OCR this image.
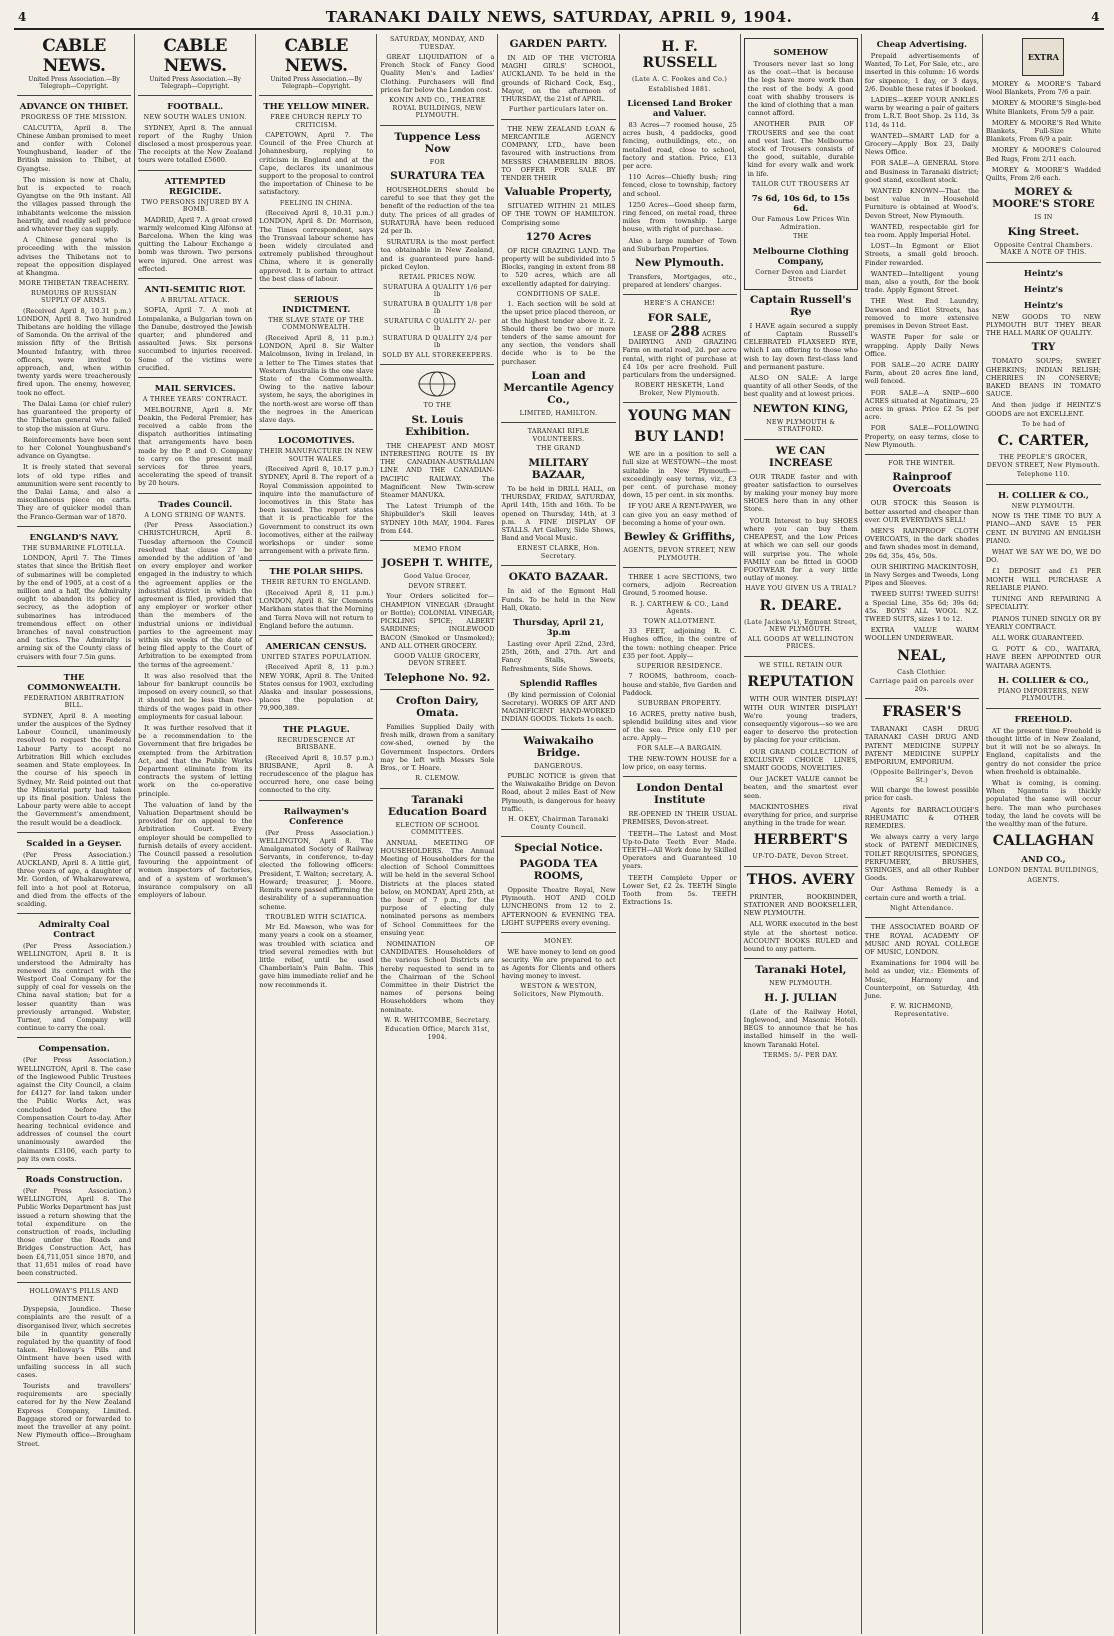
4	TARANAKI DAILY NEWS, SATURDAY, APRIL 9, 1904.	4
CABLE NEWS.
United Press Association.—By Telegraph—Copyright.
ADVANCE ON THIBET.
PROGRESS OF THE MISSION.

CALCUTTA, April 8. The Chinese Amban promised to meet and confer with Colonel Younghusband, leader of the British mission to Thibet, at Gyangtse.

The mission is now at Chalu, but is expected to reach Gyangtse on the 9th instant. All the villages passed through the inhabitants welcome the mission heartily, and readily sell produce and whatever they can supply.

A Chinese general who is proceeding with the mission advises the Thibetans not to repeat the opposition displayed at Khangma.

MORE THIBETAN TREACHERY.
RUMOURS OF RUSSIAN SUPPLY OF ARMS.

(Received April 8, 10.31 p.m.) LONDON, April 8. Two hundred Thibetans are holding the village of Samonda. On the arrival of the mission fifty of the British Mounted Infantry, with three officers, were invited to approach, and, when within twenty yards were treacherously fired upon. The enemy, however, took no effect.

The Dalai Lama (or chief ruler) has guaranteed the property of the Thibetan general who failed to stop the mission at Guru.

Reinforcements have been sent to her Colonel Younghusband's advance on Gyangtse.

It is freely stated that several lots of old type rifles and ammunition were sent recently to the Dalai Lama, and also a miscellaneous piece on carts. They are of quicker model than the Franco-German war of 1870.

ENGLAND'S NAVY.
THE SUBMARINE FLOTILLA.

LONDON, April 7. The Times states that since the British fleet of submarines will be completed by the end of 1905, at a cost of a million and a half, the Admiralty ought to abandon its policy of secrecy, as the adoption of submarines has introduced tremendous effect on other branches of naval construction and tactics. The Admiralty is arming six of the County class of cruisers with four 7.5in guns.

THE COMMONWEALTH.
FEDERATION ARBITRATION BILL.

SYDNEY, April 8. A meeting under the auspices of the Sydney Labour Council, unanimously resolved to request the Federal Labour Party to accept no Arbitration Bill which excludes seamen and State employees. In the course of his speech in Sydney, Mr. Reid pointed out that the Ministerial party had taken up its final position. Unless the Labour party were able to accept the Government's amendment, the result would be a deadlock.

Scalded in a Geyser.

(Per Press Association.) AUCKLAND, April 8. A little girl, three years of age, a daughter of Mr. Gordon, of Whakarewarewa, fell into a hot pool at Rotorua, and died from the effects of the scalding.

Admiralty Coal Contract

(Per Press Association.) WELLINGTON, April 8. It is understood the Admiralty has renewed its contract with the Westport Coal Company for the supply of coal for vessels on the China naval station; but for a lesser quantity than was previously arranged. Webster, Turner, and Company will continue to carry the coal.

Compensation.

(Per Press Association.) WELLINGTON, April 8. The case of the Inglewood Public Trustees against the City Council, a claim for £4127 for land taken under the Public Works Act, was concluded before the Compensation Court to-day. After hearing technical evidence and addresses of counsel the court unanimously awarded the claimants £3106, each party to pay its own costs.

Roads Construction.

(Per Press Association.) WELLINGTON, April 8. The Public Works Department has just issued a return showing that the total expenditure on the construction of roads, including those under the Roads and Bridges Construction Act, has been £4,711,051 since 1870, and that 11,651 miles of road have been constructed.

HOLLOWAY'S PILLS AND OINTMENT.

Dyspepsia, Jaundice. These complaints are the result of a disorganised liver, which secretes bile in quantity generally regulated by the quantity of food taken. Holloway's Pills and Ointment have been used with unfailing success in all such cases.

Tourists and travellers' requirements are specially catered for by the New Zealand Express Company, Limited. Baggage stored or forwarded to meet the traveller at any point. New Plymouth office—Brougham Street.

CABLE NEWS.
United Press Association.—By Telegraph—Copyright.
FOOTBALL.
NEW SOUTH WALES UNION.

SYDNEY, April 8. The annual report of the Rugby Union disclosed a most prosperous year. The receipts at the New Zealand tours were totalled £5600.

ATTEMPTED REGICIDE.
TWO PERSONS INJURED BY A BOMB.

MADRID, April 7. A great crowd warmly welcomed King Alfonso at Barcelona. When the king was quitting the Labour Exchange a bomb was thrown. Two persons were injured. One arrest was effected.

ANTI-SEMITIC RIOT.
A BRUTAL ATTACK.

SOFIA, April 7. A mob at Lompalanka, a Bulgarian town on the Danube, destroyed the Jewish quarter, and plundered and assaulted Jews. Six persons succumbed to injuries received. Some of the victims were crucified.

MAIL SERVICES.
A THREE YEARS' CONTRACT.

MELBOURNE, April 8. Mr Deakin, the Federal Premier, has received a cable from the dispatch authorities intimating that arrangements have been made by the P. and O. Company to carry on the present mail services for three years, accelerating the speed of transit by 20 hours.

Trades Council.
A LONG STRING OF WANTS.

(Per Press Association.) CHRISTCHURCH, April 8. Tuesday afternoon the Council resolved that clause 27 be amended by the addition of 'and on every employer and worker engaged in the industry to which the agreement applies or the industrial district in which the agreement is filed, provided that any employer or worker other than the members of the industrial unions or individual parties to the agreement may within six weeks of the date of being filed apply to the Court of Arbitration to be exempted from the terms of the agreement.'

It was also resolved that the labour for bankrupt councils be imposed on every council, so that it should not be less than two-thirds of the wages paid in other employments for casual labour.

It was further resolved that it be a recommendation to the Government that fire brigades be exempted from the Arbitration Act, and that the Public Works Department eliminate from its contracts the system of letting work on the co-operative principle.

The valuation of land by the Valuation Department should be provided for on appeal to the Arbitration Court. Every employer should be compelled to furnish details of every accident. The Council passed a resolution favouring the appointment of women inspectors of factories, and of a system of workmen's insurance compulsory on all employers of labour.

CABLE NEWS.
United Press Association.—By Telegraph—Copyright.
THE YELLOW MINER.
FREE CHURCH REPLY TO CRITICISM.

CAPETOWN, April 7. The Council of the Free Church at Johannesburg, replying to criticism in England and at the Cape, declares its unanimous support to the proposal to control the importation of Chinese to be satisfactory.

FEELING IN CHINA.

(Received April 8, 10.31 p.m.) LONDON, April 8. Dr. Morrison, The Times correspondent, says the Transvaal labour scheme has been widely circulated and extremely published throughout China, where it is generally approved. It is certain to attract the best class of labour.

SERIOUS INDICTMENT.
THE SLAVE STATE OF THE COMMONWEALTH.

(Received April 8, 11 p.m.) LONDON, April 8. Sir Walter Malcolmson, living in Ireland, in a letter to The Times states that Western Australia is the one slave State of the Commonwealth. Owing to the native labour system, he says, the aborigines in the north-west are worse off than the negroes in the American slave days.

LOCOMOTIVES.
THEIR MANUFACTURE IN NEW SOUTH WALES.

(Received April 8, 10.17 p.m.) SYDNEY, April 8. The report of a Royal Commission appointed to inquire into the manufacture of locomotives in this State has been issued. The report states that it is practicable for the Government to construct its own locomotives, either at the railway workshops or under some arrangement with a private firm.

THE POLAR SHIPS.
THEIR RETURN TO ENGLAND.

(Received April 8, 11 p.m.) LONDON, April 8. Sir Clements Markham states that the Morning and Terra Nova will not return to England before the autumn.

AMERICAN CENSUS.
UNITED STATES POPULATION.

(Received April 8, 11 p.m.) NEW YORK, April 8. The United States census for 1903, excluding Alaska and insular possessions, places the population at 79,900,389.

THE PLAGUE.
RECRUDESCENCE AT BRISBANE.

(Received April 8, 10.57 p.m.) BRISBANE, April 8. A recrudescence of the plague has occurred here, one case being connected to the city.

Railwaymen's Conference

(Per Press Association.) WELLINGTON, April 8. The Amalgamated Society of Railway Servants, in conference, to-day elected the following officers: President, T. Walton; secretary, A. Howard; treasurer, J. Moore. Remits were passed affirming the desirability of a superannuation scheme.

TROUBLED WITH SCIATICA.

Mr Ed. Mawson, who was for many years a cook on a steamer, was troubled with sciatica and tried several remedies with but little relief, until he used Chamberlain's Pain Balm. This gave him immediate relief and he now recommends it.

SATURDAY, MONDAY, AND TUESDAY.

GREAT LIQUIDATION of a French Stock of Fancy Good Quality Men's and Ladies' Clothing. Purchasers will find prices far below the London cost.

KONIN AND CO., THEATRE ROYAL BUILDINGS, NEW PLYMOUTH.
Tuppence Less Now
FOR
SURATURA TEA

HOUSEHOLDERS should be careful to see that they get the benefit of the reduction of the tea duty. The prices of all grades of SURATURA have been reduced 2d per lb.

SURATURA is the most perfect tea obtainable in New Zealand, and is guaranteed pure hand-picked Ceylon.

RETAIL PRICES NOW.
SURATURA A QUALITY 1/6 per lb
SURATURA B QUALITY 1/8 per lb
SURATURA C QUALITY 2/- per lb
SURATURA D QUALITY 2/4 per lb
SOLD BY ALL STOREKEEPERS.
TO THE
St. Louis Exhibition.

THE CHEAPEST AND MOST INTERESTING ROUTE IS BY THE CANADIAN-AUSTRALIAN LINE AND THE CANADIAN-PACIFIC RAILWAY. The Magnificent New Twin-screw Steamer MANUKA.

The Latest Triumph of the Shipbuilder's Skill leaves SYDNEY 10th MAY, 1904. Fares from £44.

MEMO FROM
JOSEPH T. WHITE,
Good Value Grocer,
DEVON STREET.

Your Orders solicited for— CHAMPION VINEGAR (Draught or Bottle); COLONIAL VINEGAR; PICKLING SPICE; ALBERT SARDINES; INGLEWOOD BACON (Smoked or Unsmoked); AND ALL OTHER GROCERY.

GOOD VALUE GROCERY, DEVON STREET.
Telephone No. 92.
Crofton Dairy, Omata.

Families Supplied Daily with fresh milk, drawn from a sanitary cow-shed, owned by the Government Inspectors. Orders may be left with Messrs Sole Bros., or T. Hoare.

R. CLEMOW.
Taranaki Education Board
ELECTION OF SCHOOL COMMITTEES.

ANNUAL MEETING OF HOUSEHOLDERS. The Annual Meeting of Householders for the election of School Committees will be held in the several School Districts at the places stated below, on MONDAY, April 25th, at the hour of 7 p.m., for the purpose of electing duly nominated persons as members of School Committees for the ensuing year.

NOMINATION OF CANDIDATES. Householders of the various School Districts are hereby requested to send in to the Chairman of the School Committee in their District the names of persons being Householders whom they nominate.

W. R. WHITCOMBE, Secretary.
Education Office, March 31st, 1904.
GARDEN PARTY.

IN AID OF THE VICTORIA MAGHI GIRLS' SCHOOL, AUCKLAND. To be held in the grounds of Richard Cock, Esq., Mayor, on the afternoon of THURSDAY, the 21st of APRIL.

Further particulars later on.

THE NEW ZEALAND LOAN & MERCANTILE AGENCY COMPANY, LTD., have been favoured with instructions from MESSRS CHAMBERLIN BROS. TO OFFER FOR SALE BY TENDER THEIR

Valuable Property,

SITUATED WITHIN 21 MILES OF THE TOWN OF HAMILTON. Comprising some

1270 Acres

OF RICH GRAZING LAND. The property will be subdivided into 5 Blocks, ranging in extent from 88 to 520 acres, which are all excellently adapted for dairying.

CONDITIONS OF SALE.

1. Each section will be sold at the upset price placed thereon, or at the highest tender above it. 2. Should there be two or more tenders of the same amount for any section, the vendors shall decide who is to be the purchaser.

Loan and Mercantile Agency Co.,
LIMITED, HAMILTON.
TARANAKI RIFLE VOLUNTEERS.
THE GRAND
MILITARY BAZAAR,

To be held in DRILL HALL, on THURSDAY, FRIDAY, SATURDAY, April 14th, 15th and 16th. To be opened on Thursday, 14th, at 3 p.m. A FINE DISPLAY OF STALLS. Art Gallery, Side Shows, Band and Vocal Music.

ERNEST CLARKE, Hon. Secretary.
OKATO BAZAAR.

In aid of the Egmont Hall Funds. To be held in the New Hall, Okato.

Thursday, April 21, 3p.m

Lasting over April 22nd, 23rd, 25th, 26th, and 27th. Art and Fancy Stalls, Sweets, Refreshments, Side Shows.

Splendid Raffles

(By kind permission of Colonial Secretary). WORKS OF ART AND MAGNIFICENT HAND-WORKED INDIAN GOODS. Tickets 1s each.

Waiwakaiho Bridge.
DANGEROUS.

PUBLIC NOTICE is given that the Waiwakaiho Bridge on Devon Road, about 2 miles East of New Plymouth, is dangerous for heavy traffic.

H. OKEY, Chairman Taranaki County Council.
Special Notice.
PAGODA TEA ROOMS,

Opposite Theatre Royal, New Plymouth. HOT AND COLD LUNCHEONS from 12 to 2. AFTERNOON & EVENING TEA. LIGHT SUPPERS every evening.

MONEY.

WE have money to lend on good security. We are prepared to act as Agents for Clients and others having money to invest.

WESTON & WESTON, Solicitors, New Plymouth.
H. F. RUSSELL
(Late A. C. Fookes and Co.)
Established 1881.
Licensed Land Broker and Valuer.

83 Acres—7 roomed house, 25 acres bush, 4 paddocks, good fencing, outbuildings, etc., on metalled road, close to school, factory and station. Price, £13 per acre.

110 Acres—Chiefly bush; ring fenced, close to township, factory and school.

1250 Acres—Good sheep farm, ring fenced, on metal road, three miles from township. Large house, with right of purchase.

Also a large number of Town and Suburban Properties.

New Plymouth.

Transfers, Mortgages, etc., prepared at lenders' charges.

HERE'S A CHANCE!
FOR SALE,
LEASE OF 288 ACRES

DAIRYING AND GRAZING Farm on metal road, 2d. per acre rental, with right of purchase at £4 10s per acre freehold. Full particulars from the undersigned.

ROBERT HESKETH, Land Broker, New Plymouth.
YOUNG MAN
BUY LAND!

WE are in a position to sell a full size at WESTOWN—the most suitable in New Plymouth—exceedingly easy terms, viz., £3 per cent. of purchase money down, 15 per cent. in six months.

IF YOU ARE A RENT-PAYER, we can give you an easy method of becoming a home of your own.

Bewley & Griffiths,
AGENTS, DEVON STREET, NEW PLYMOUTH.

THREE 1 acre SECTIONS, two corners, adjoin Recreation Ground, 5 roomed house.

R. J. CARTHEW & CO., Land Agents.
TOWN ALLOTMENT.

33 FEET, adjoining R. C. Hughes office, in the centre of the town: nothing cheaper. Price £35 per foot. Apply—

SUPERIOR RESIDENCE.

7 ROOMS, bathroom, coach-house and stable, five Garden and Paddock.

SUBURBAN PROPERTY.

16 ACRES, pretty native bush, splendid building sites and view of the sea. Price only £10 per acre. Apply—

FOR SALE—A BARGAIN.

THE NEW-TOWN HOUSE for a low price, on easy terms.

London Dental Institute

RE-OPENED IN THEIR USUAL PREMISES, Devon-street.

TEETH—The Latest and Most Up-to-Date Teeth Ever Made. TEETH—All Work done by Skilled Operators and Guaranteed 10 years.

TEETH Complete Upper or Lower Set, £2 2s. TEETH Single Tooth from 5s. TEETH Extractions 1s.

SOMEHOW

Trousers never last so long as the coat—that is because the legs have more work than the rest of the body. A good coat with shabby trousers is the kind of clothing that a man cannot afford.

ANOTHER PAIR OF TROUSERS and see the coat and vest last. The Melbourne stock of Trousers consists of the good, suitable, durable kind for every walk and work in life.

TAILOR CUT TROUSERS AT
7s 6d, 10s 6d, to 15s 6d.
Our Famous Low Prices Win Admiration.
THE
Melbourne Clothing Company,
Corner Devon and Liardet Streets
Captain Russell's Rye

I HAVE again secured a supply of Captain Russell's CELEBRATED FLAXSEED RYE, which I am offering to those who wish to lay down first-class land and permanent pasture.

ALSO ON SALE: A large quantity of all other Seeds, of the best quality and at lowest prices.

NEWTON KING,
NEW PLYMOUTH & STRATFORD.
WE CAN INCREASE

OUR TRADE faster and with greater satisfaction to ourselves by making your money buy more SHOES here than in any other Store.

YOUR Interest to buy SHOES where you can buy them CHEAPEST, and the Low Prices at which we can sell our goods will surprise you. The whole FAMILY can be fitted in GOOD FOOTWEAR for a very little outlay of money.

HAVE YOU GIVEN US A TRIAL?
R. DEARE.
(Late Jackson's), Egmont Street, NEW PLYMOUTH.
ALL GOODS AT WELLINGTON PRICES.
WE STILL RETAIN OUR
REPUTATION

WITH OUR WINTER DISPLAY! WITH OUR WINTER DISPLAY! We're young traders, consequently vigorous—so we are eager to deserve the protection by placing for your criticism.

OUR GRAND COLLECTION of EXCLUSIVE CHOICE LINES, SMART GOODS, NOVELTIES.

Our JACKET VALUE cannot be beaten, and the smartest ever seen.

MACKINTOSHES rival everything for price, and surprise anything in the trade for wear.

HERBERT'S
UP-TO-DATE, Devon Street.
THOS. AVERY

PRINTER, BOOKBINDER, STATIONER AND BOOKSELLER, NEW PLYMOUTH.

ALL WORK executed in the best style at the shortest notice. ACCOUNT BOOKS RULED and bound to any pattern.

Taranaki Hotel,
NEW PLYMOUTH.
H. J. JULIAN

(Late of the Railway Hotel, Inglewood, and Masonic Hotel). BEGS to announce that he has installed himself in the well-known Taranaki Hotel.

TERMS: 5/- PER DAY.
Cheap Advertising.

Prepaid advertisements of Wanted, To Let, For Sale, etc., are inserted in this column: 16 words for sixpence, 1 day, or 3 days, 2/6. Double these rates if booked.

LADIES—KEEP YOUR ANKLES warm by wearing a pair of gaiters from L.R.T. Boot Shop. 2s 11d, 3s 11d, 4s 11d.

WANTED—SMART LAD for a Grocery—Apply Box 23, Daily News Office.

FOR SALE—A GENERAL Store and Business in Taranaki district; good stand, excellent stock.

WANTED KNOWN—That the best value in Household Furniture is obtained at Wood's. Devon Street, New Plymouth.

WANTED, respectable girl for tea room. Apply Imperial Hotel.

LOST—In Egmont or Eliot Streets, a small gold brooch. Finder rewarded.

WANTED—Intelligent young man, also a youth, for the book trade. Apply Egmont Street.

THE West End Laundry, Dawson and Eliot Streets, has removed to more extensive premises in Devon Street East.

WASTE Paper for sale or wrapping. Apply Daily News Office.

FOR SALE—20 ACRE DAIRY Farm, about 20 acres fine land, well fenced.

FOR SALE—A SNIP—600 ACRES situated at Ngatimaru, 25 acres in grass. Price £2 5s per acre.

FOR SALE—FOLLOWING Property, on easy terms, close to New Plymouth.

FOR THE WINTER.
Rainproof Overcoats

OUR STOCK this Season is better assorted and cheaper than ever. OUR EVERYDAYS SELL!

MEN'S RAINPROOF CLOTH OVERCOATS, in the dark shades and fawn shades most in demand, 29s 6d, 35s, 45s, 50s.

OUR SHIRTING MACKINTOSH, in Navy Serges and Tweeds, Long Pipes and Sleeves.

TWEED SUITS! TWEED SUITS! a Special Line, 35s 6d; 39s 6d; 45s. BOYS' ALL WOOL N.Z. TWEED SUITS, sizes 1 to 12.

EXTRA VALUE WARM WOOLLEN UNDERWEAR.

NEAL,
Cash Clothier.
Carriage paid on parcels over 20s.
FRASER'S

TARANAKI CASH DRUG TARANAKI CASH DRUG AND PATENT MEDICINE SUPPLY PATENT MEDICINE SUPPLY EMPORIUM, EMPORIUM.

(Opposite Bellringer's, Devon St.)

Will charge the lowest possible price for cash.

Agents for BARRACLOUGH'S RHEUMATIC & OTHER REMEDIES.

We always carry a very large stock of PATENT MEDICINES, TOILET REQUISITES, SPONGES, PERFUMERY, BRUSHES, SYRINGES, and all other Rubber Goods.

Our Asthma Remedy is a certain cure and worth a trial.

Night Attendance.

THE ASSOCIATED BOARD OF THE ROYAL ACADEMY OF MUSIC AND ROYAL COLLEGE OF MUSIC, LONDON.

Examinations for 1904 will be held as under, viz.: Elements of Music, Harmony and Counterpoint, on Saturday, 4th June.

F. W. RICHMOND, Representative.
EXTRA

MOREY & MOORE'S Tabard Wool Blankets, From 7/6 a pair.

MOREY & MOORE'S Single-bed White Blankets, From 5/9 a pair.

MOREY & MOORE'S Red White Blankets, Full-Size White Blankets, From 6/9 a pair.

MOREY & MOORE'S Coloured Bed Rugs, From 2/11 each.

MOREY & MOORE'S Wadded Quilts, From 2/6 each.

MOREY & MOORE'S STORE
IS IN
King Street.
Opposite Central Chambers. MAKE A NOTE OF THIS.
Heintz's
Heintz's
Heintz's

NEW GOODS TO NEW PLYMOUTH BUT THEY BEAR THE HALL MARK OF QUALITY.

TRY

TOMATO SOUPS; SWEET GHERKINS; INDIAN RELISH; CHERRIES IN CONSERVE; BAKED BEANS IN TOMATO SAUCE.

And then judge if HEINTZ'S GOODS are not EXCELLENT.

To be had of
C. CARTER,
THE PEOPLE'S GROCER, DEVON STREET, New Plymouth.
Telephone 110.
H. COLLIER & CO.,
NEW PLYMOUTH.

NOW IS THE TIME TO BUY A PIANO—AND SAVE 15 PER CENT. IN BUYING AN ENGLISH PIANO.

WHAT WE SAY WE DO, WE DO DO.

£1 DEPOSIT and £1 PER MONTH WILL PURCHASE A RELIABLE PIANO.

TUNING AND REPAIRING A SPECIALITY.

PIANOS TUNED SINGLY OR BY YEARLY CONTRACT.

ALL WORK GUARANTEED.

G. POTT & CO., WAITARA, HAVE BEEN APPOINTED OUR WAITARA AGENTS.

H. COLLIER & CO.,
PIANO IMPORTERS, NEW PLYMOUTH.
FREEHOLD.

AT the present time Freehold is thought little of in New Zealand, but it will not be so always. In England, capitalists and the gentry do not consider the price when freehold is obtainable.

What is coming, is coming. When Ngamotu is thickly populated the same will occur here. The man who purchases today, the land he covets will be the wealthy man of the future.

CALLAGHAN
AND CO.,
LONDON DENTAL BUILDINGS,
AGENTS.
